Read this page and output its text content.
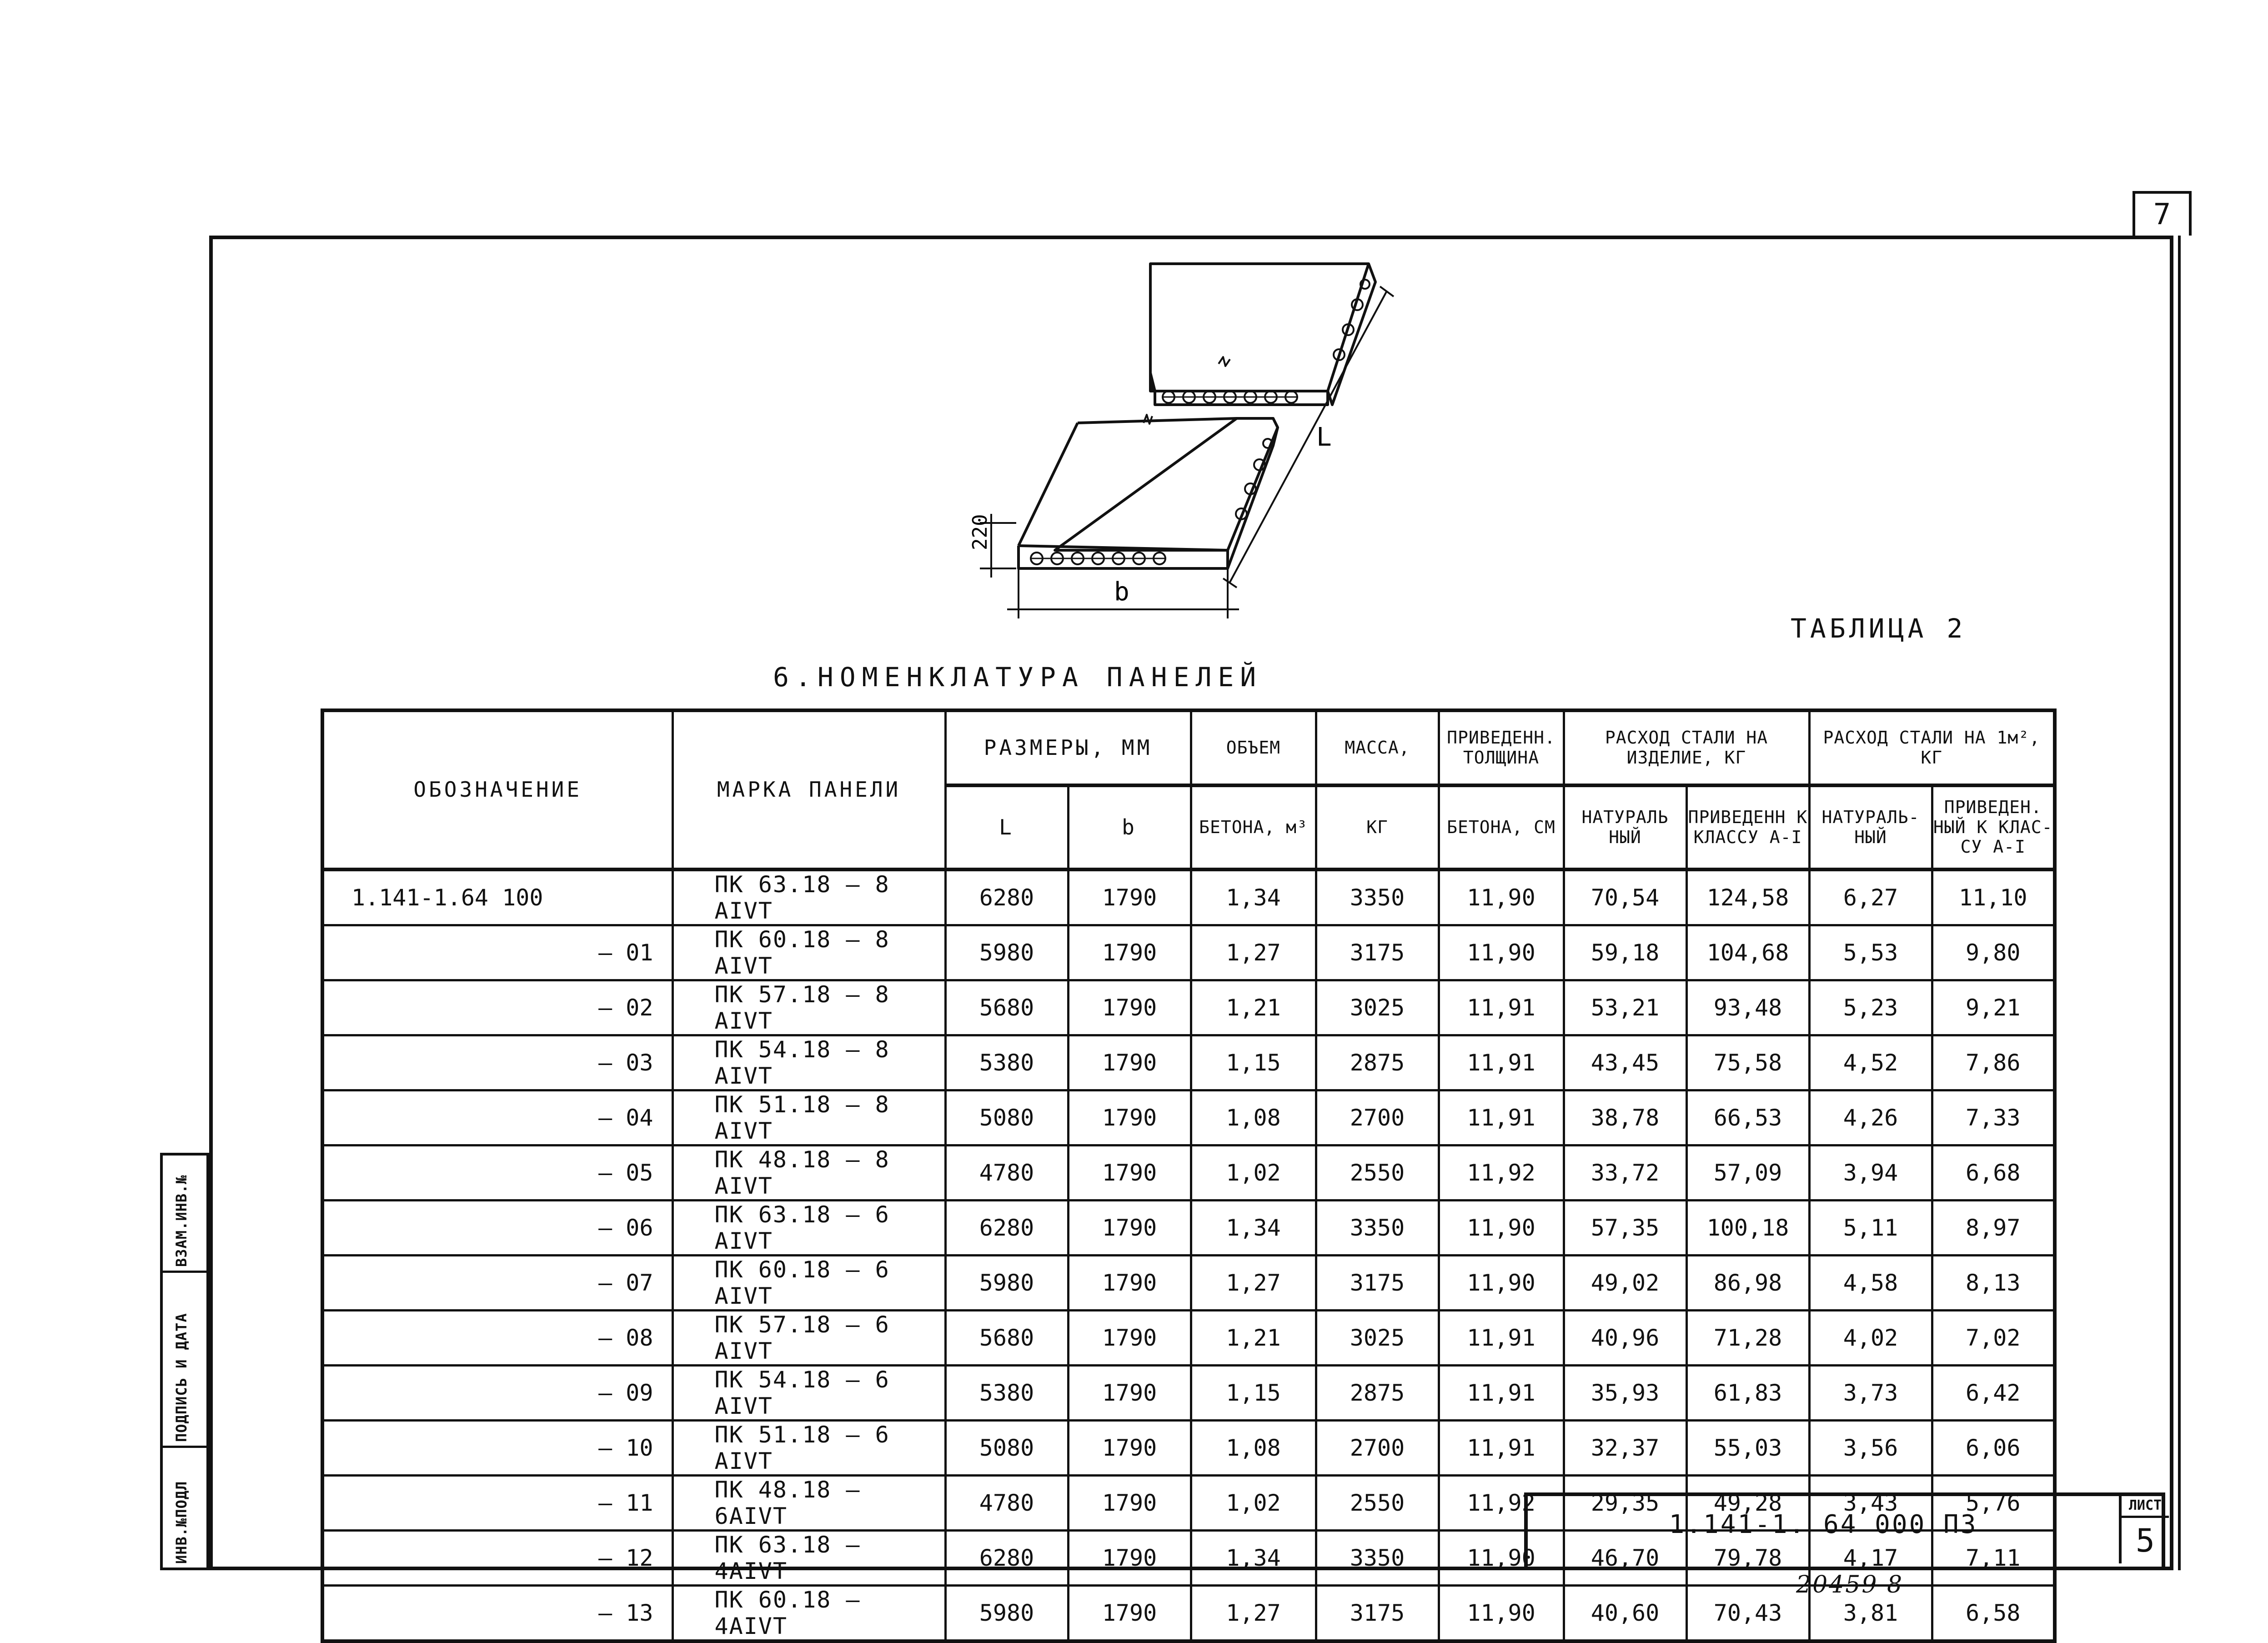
7
220
L
b
ТАБЛИЦА 2
6.НОМЕНКЛАТУРА ПАНЕЛЕЙ
ОБОЗНАЧЕНИЕ	МАРКА ПАНЕЛИ	РАЗМЕРЫ, ММ		ОБЪЕМ	МАССА,	ПРИВЕДЕНН. ТОЛЩИНА	РАСХОД СТАЛИ НА ИЗДЕЛИЕ, КГ		РАСХОД СТАЛИ НА 1м², КГ	
		L	b	БЕТОНА, м³	КГ	БЕТОНА, СМ	НАТУРАЛЬ НЫЙ	ПРИВЕДЕНН К КЛАССУ А-I	НАТУРАЛЬ- НЫЙ	ПРИВЕДЕН. НЫЙ К КЛАС- СУ А-I
1.141-1.64 100	ПК 63.18 – 8 АIVТ	6280	1790	1,34	3350	11,90	70,54	124,58	6,27	11,10
– 01	ПК 60.18 – 8 АIVТ	5980	1790	1,27	3175	11,90	59,18	104,68	5,53	9,80
– 02	ПК 57.18 – 8 АIVТ	5680	1790	1,21	3025	11,91	53,21	93,48	5,23	9,21
– 03	ПК 54.18 – 8 АIVТ	5380	1790	1,15	2875	11,91	43,45	75,58	4,52	7,86
– 04	ПК 51.18 – 8 АIVТ	5080	1790	1,08	2700	11,91	38,78	66,53	4,26	7,33
– 05	ПК 48.18 – 8 АIVТ	4780	1790	1,02	2550	11,92	33,72	57,09	3,94	6,68
– 06	ПК 63.18 – 6 АIVТ	6280	1790	1,34	3350	11,90	57,35	100,18	5,11	8,97
– 07	ПК 60.18 – 6 АIVТ	5980	1790	1,27	3175	11,90	49,02	86,98	4,58	8,13
– 08	ПК 57.18 – 6 АIVТ	5680	1790	1,21	3025	11,91	40,96	71,28	4,02	7,02
– 09	ПК 54.18 – 6 АIVТ	5380	1790	1,15	2875	11,91	35,93	61,83	3,73	6,42
– 10	ПК 51.18 – 6 АIVТ	5080	1790	1,08	2700	11,91	32,37	55,03	3,56	6,06
– 11	ПК 48.18 – 6АIVТ	4780	1790	1,02	2550	11,92	29,35	49,28	3,43	5,76
– 12	ПК 63.18 – 4АIVТ	6280	1790	1,34	3350	11,90	46,70	79,78	4,17	7,11
– 13	ПК 60.18 – 4АIVТ	5980	1790	1,27	3175	11,90	40,60	70,43	3,81	6,58
ВЗАМ.ИНВ.№
ПОДПИСЬ И ДАТА
ИНВ.№ПОДЛ	1.141-1. 64 000 ПЗ
ЛИСТ
5
20459 8
